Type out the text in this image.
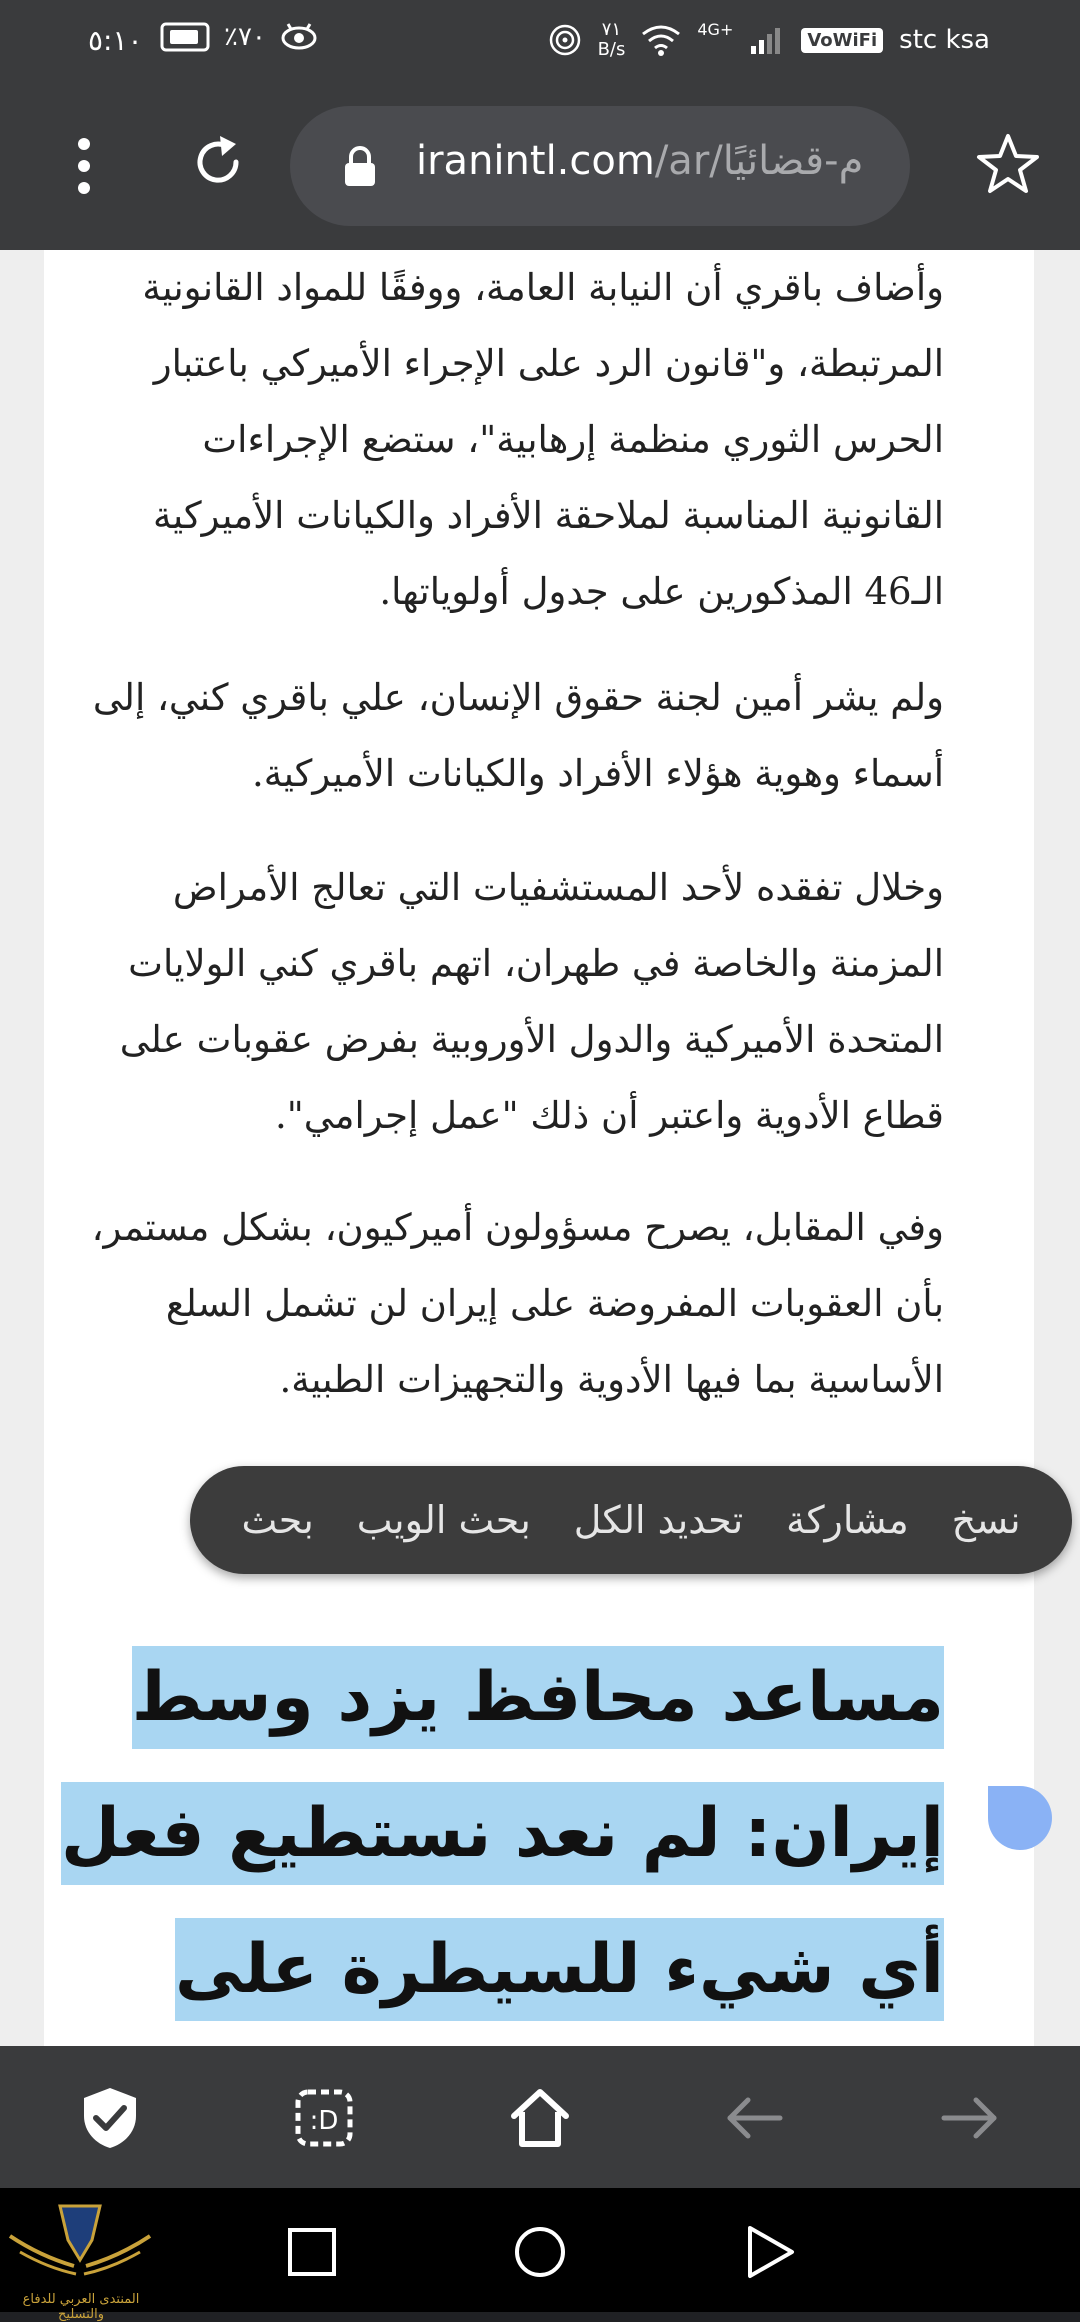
٥:١٠	٪٧٠	٧١
B/s
4G+	VoWiFi stc ksa
iranintl.com/ar/م-قضائيًا

وأضاف باقري أن النيابة العامة، ووفقًا للمواد القانونية المرتبطة، و"قانون الرد على الإجراء الأميركي باعتبار الحرس الثوري منظمة إرهابية"، ستضع الإجراءات القانونية المناسبة لملاحقة الأفراد والكيانات الأميركية الـ46 المذكورين على جدول أولوياتها.

ولم يشر أمين لجنة حقوق الإنسان، علي باقري كني، إلى أسماء وهوية هؤلاء الأفراد والكيانات الأميركية.

وخلال تفقده لأحد المستشفيات التي تعالج الأمراض المزمنة والخاصة في طهران، اتهم باقري كني الولايات المتحدة الأميركية والدول الأوروبية بفرض عقوبات على قطاع الأدوية واعتبر أن ذلك "عمل إجرامي".

وفي المقابل، يصرح مسؤولون أميركيون، بشكل مستمر، بأن العقوبات المفروضة على إيران لن تشمل السلع الأساسية بما فيها الأدوية والتجهيزات الطبية.

نسخ
مشاركة
تحديد الكل
بحث الويب
بحث
مساعد محافظ يزد وسط إيران: لم نعد نستطيع فعل أي شيء للسيطرة على
:D
المنتدى العربي للدفاع والتسليح
